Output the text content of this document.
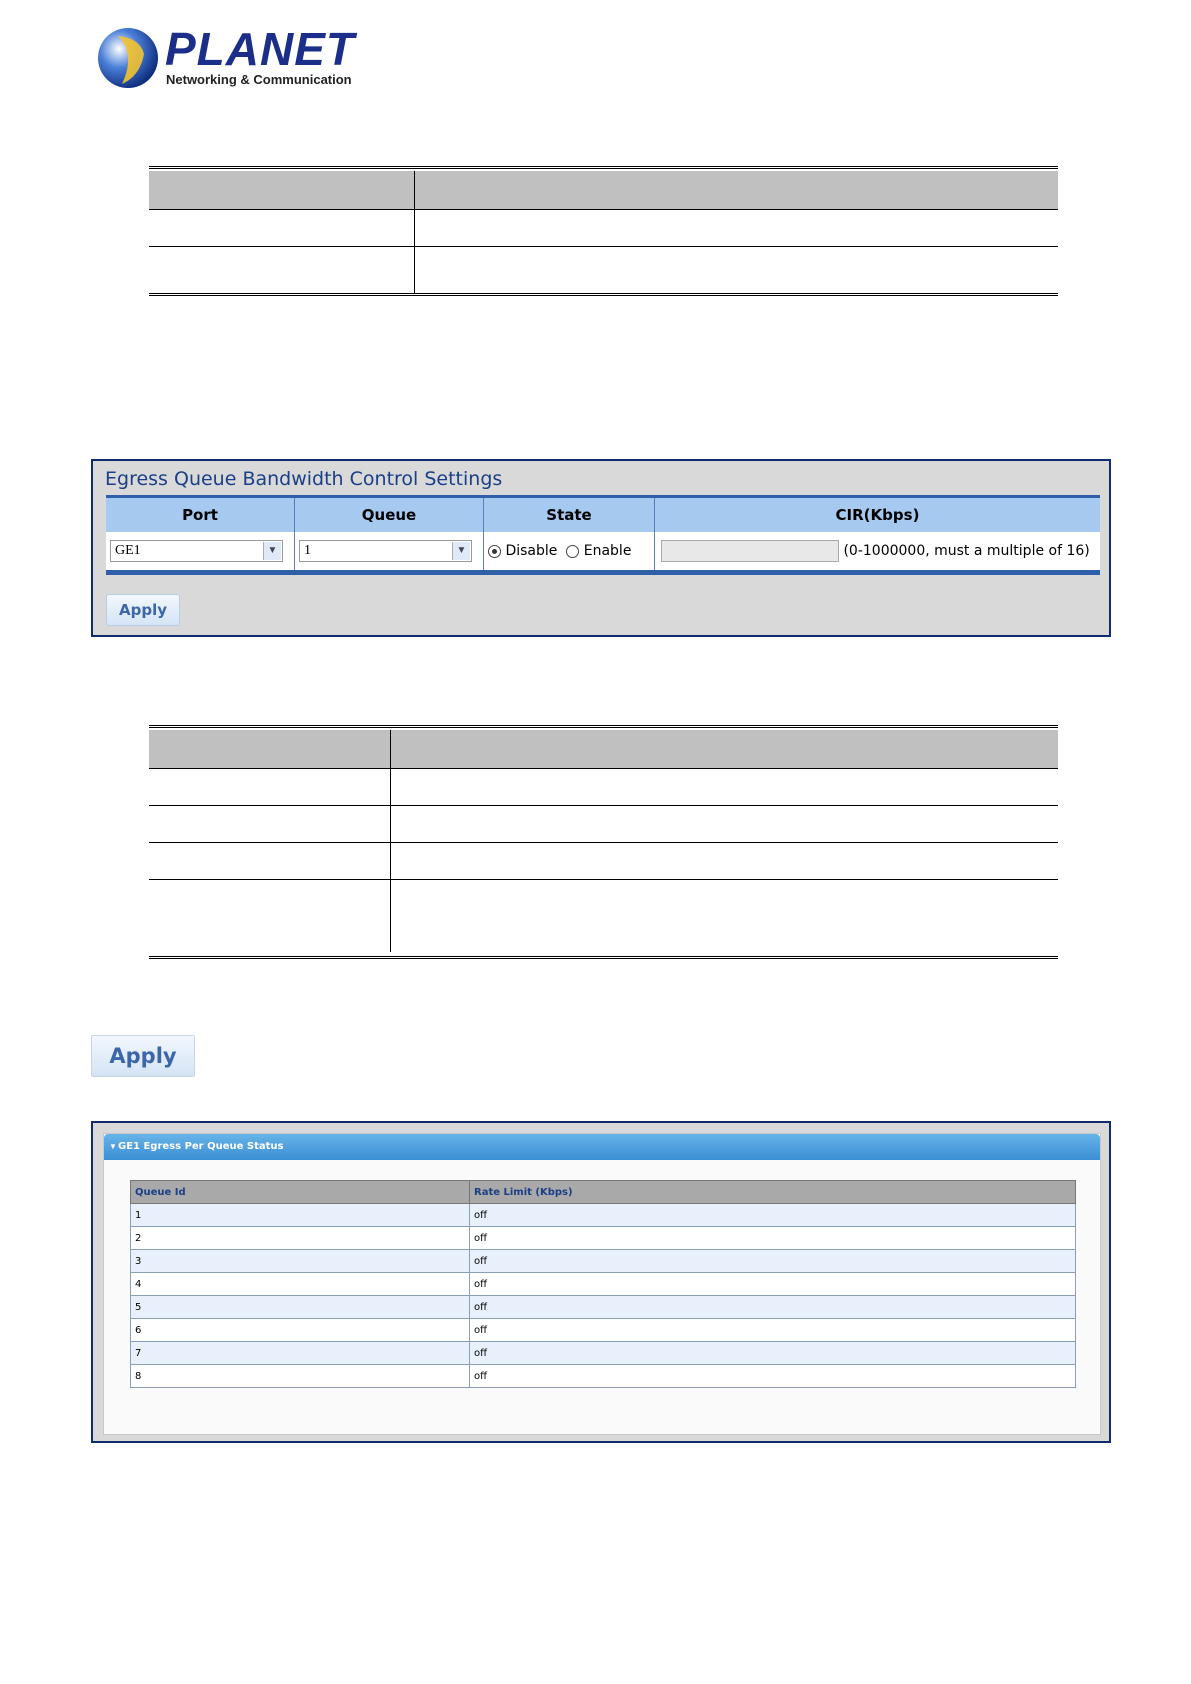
PLANET
Networking & Communication

Egress Queue Bandwidth Control Settings
Port	Queue	State	CIR(Kbps)
GE1 ▼	1 ▼	Disable Enable	(0-1000000, must a multiple of 16)
Apply

Apply
▼ GE1 Egress Per Queue Status
Queue Id	Rate Limit (Kbps)
1	off
2	off
3	off
4	off
5	off
6	off
7	off
8	off
